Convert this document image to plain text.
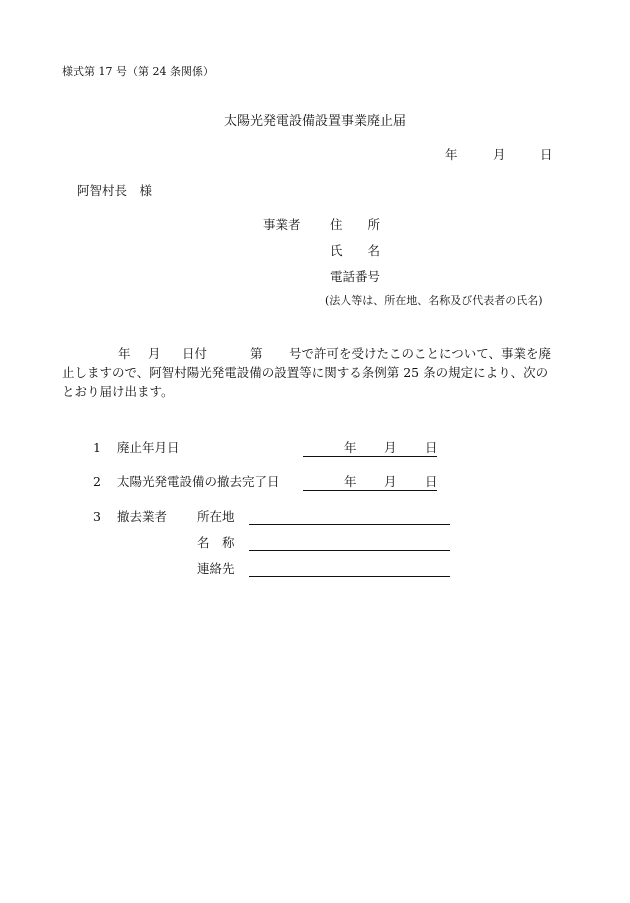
様式第 17 号（第 24 条関係）
太陽光発電設備設置事業廃止届
年	月	日
阿智村長　様
事業者 住　　所
氏　　名
電話番号
(法人等は、所在地、名称及び代表者の氏名)
年 月 日付	第 号で許可を受けたこのことについて、事業を廃
止しますので、阿智村陽光発電設備の設置等に関する条例第 25 条の規定により、次の
とおり届け出ます。
1 廃止年月日	年 月 日
2 太陽光発電設備の撤去完了日	年 月 日
3 撤去業者 所在地
名　称
連絡先
